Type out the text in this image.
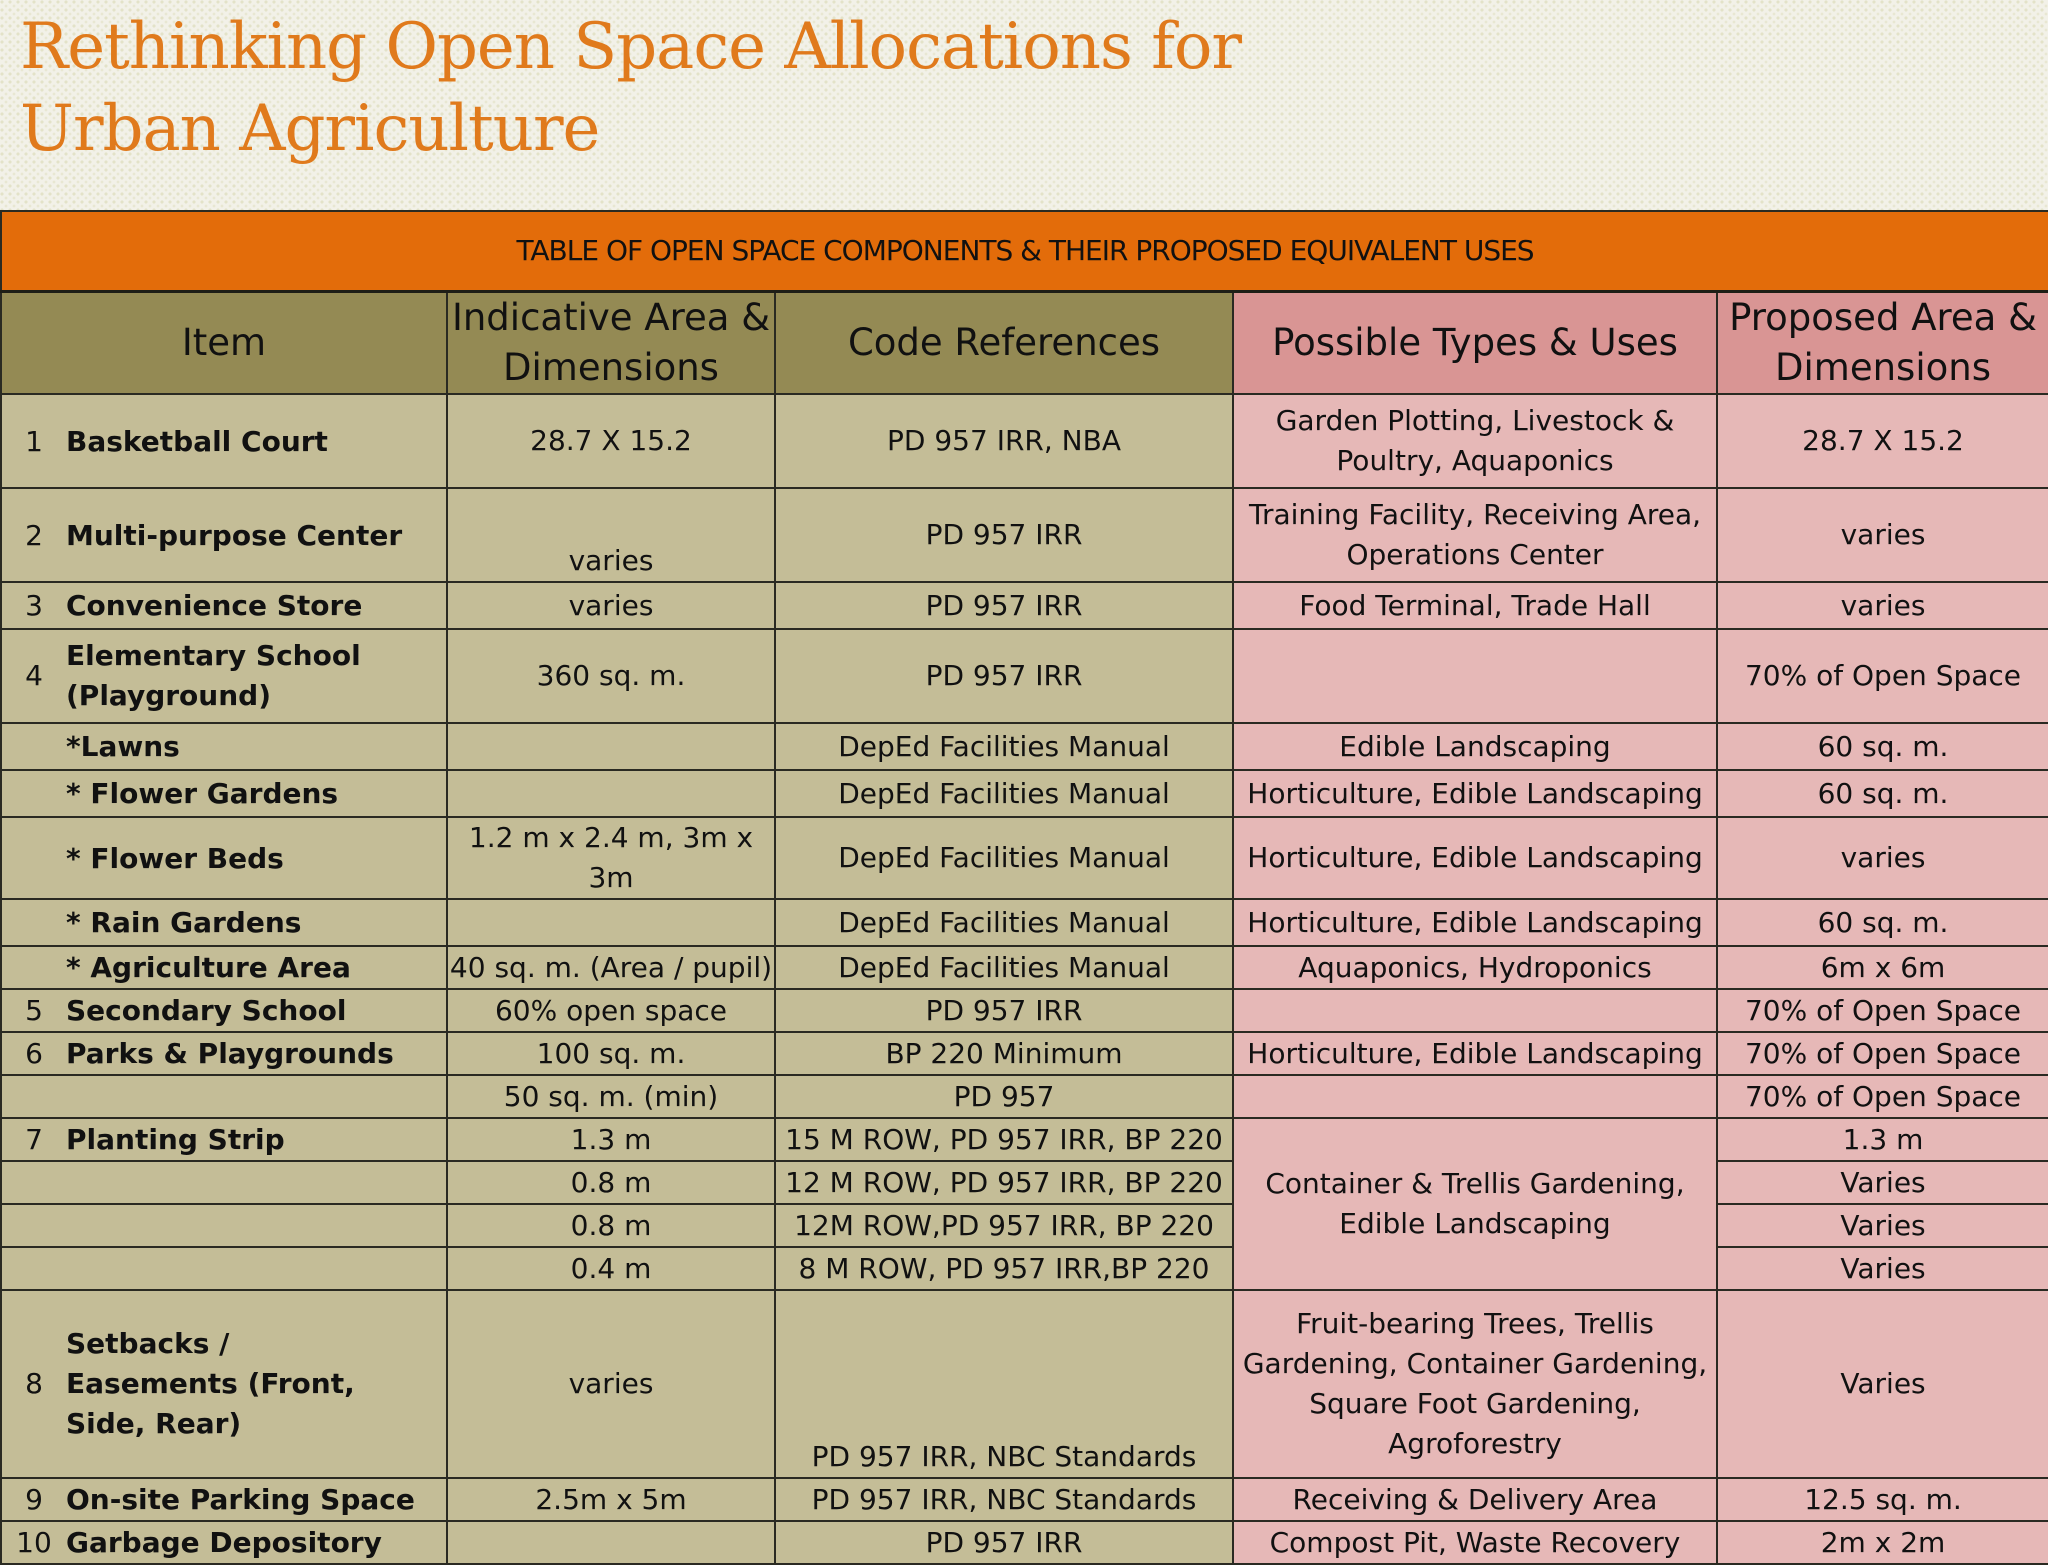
Rethinking Open Space Allocations for Urban Agriculture
TABLE OF OPEN SPACE COMPONENTS & THEIR PROPOSED EQUIVALENT USES				
Item	Indicative Area & Dimensions	Code References	Possible Types & Uses	Proposed Area & Dimensions
1 Basketball Court	28.7 X 15.2	PD 957 IRR, NBA	Garden Plotting, Livestock & Poultry, Aquaponics	28.7 X 15.2
2 Multi-purpose Center	varies	PD 957 IRR	Training Facility, Receiving Area, Operations Center	varies
3 Convenience Store	varies	PD 957 IRR	Food Terminal, Trade Hall	varies
4Elementary School (Playground)	360 sq. m.	PD 957 IRR		70% of Open Space
*Lawns		DepEd Facilities Manual	Edible Landscaping	60 sq. m.
* Flower Gardens		DepEd Facilities Manual	Horticulture, Edible Landscaping	60 sq. m.
* Flower Beds	1.2 m x 2.4 m, 3m x 3m	DepEd Facilities Manual	Horticulture, Edible Landscaping	varies
* Rain Gardens		DepEd Facilities Manual	Horticulture, Edible Landscaping	60 sq. m.
* Agriculture Area	40 sq. m. (Area / pupil)	DepEd Facilities Manual	Aquaponics, Hydroponics	6m x 6m
5 Secondary School	60% open space	PD 957 IRR		70% of Open Space
6 Parks & Playgrounds	100 sq. m.	BP 220 Minimum	Horticulture, Edible Landscaping	70% of Open Space
	50 sq. m. (min)	PD 957		70% of Open Space
7 Planting Strip	1.3 m	15 M ROW, PD 957 IRR, BP 220	Container & Trellis Gardening, Edible Landscaping	1.3 m
	0.8 m	12 M ROW, PD 957 IRR, BP 220		Varies
	0.8 m	12M ROW,PD 957 IRR, BP 220		Varies
	0.4 m	8 M ROW, PD 957 IRR,BP 220		Varies
8Setbacks / Easements (Front, Side, Rear)	varies	PD 957 IRR, NBC Standards	Fruit-bearing Trees, Trellis Gardening, Container Gardening, Square Foot Gardening, Agroforestry	Varies
9 On-site Parking Space	2.5m x 5m	PD 957 IRR, NBC Standards	Receiving & Delivery Area	12.5 sq. m.
10 Garbage Depository		PD 957 IRR	Compost Pit, Waste Recovery	2m x 2m
